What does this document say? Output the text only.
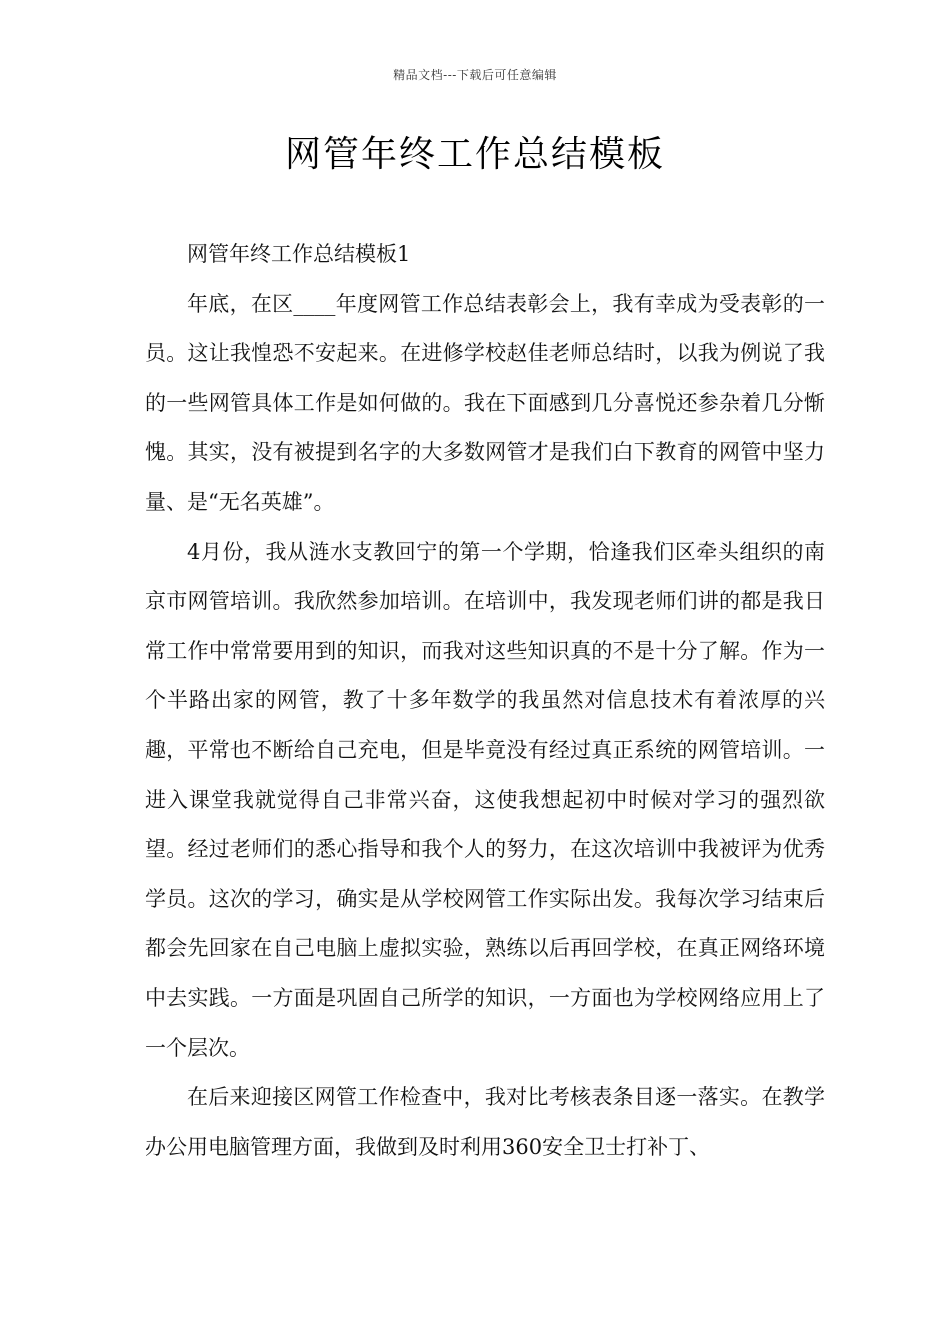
精品文档---下载后可任意编辑
网管年终工作总结模板

网管年终工作总结模板1

年底，在区____年度网管工作总结表彰会上，我有幸成为受表彰的一员。这让我惶恐不安起来。在进修学校赵佳老师总结时，以我为例说了我的一些网管具体工作是如何做的。我在下面感到几分喜悦还参杂着几分惭愧。其实，没有被提到名字的大多数网管才是我们白下教育的网管中坚力量、是“无名英雄”。

4月份，我从涟水支教回宁的第一个学期，恰逢我们区牵头组织的南京市网管培训。我欣然参加培训。在培训中，我发现老师们讲的都是我日常工作中常常要用到的知识，而我对这些知识真的不是十分了解。作为一个半路出家的网管，教了十多年数学的我虽然对信息技术有着浓厚的兴趣，平常也不断给自己充电，但是毕竟没有经过真正系统的网管培训。一进入课堂我就觉得自己非常兴奋，这使我想起初中时候对学习的强烈欲望。经过老师们的悉心指导和我个人的努力，在这次培训中我被评为优秀学员。这次的学习，确实是从学校网管工作实际出发。我每次学习结束后都会先回家在自己电脑上虚拟实验，熟练以后再回学校，在真正网络环境中去实践。一方面是巩固自己所学的知识，一方面也为学校网络应用上了一个层次。

在后来迎接区网管工作检查中，我对比考核表条目逐一落实。在教学办公用电脑管理方面，我做到及时利用360安全卫士打补丁、
